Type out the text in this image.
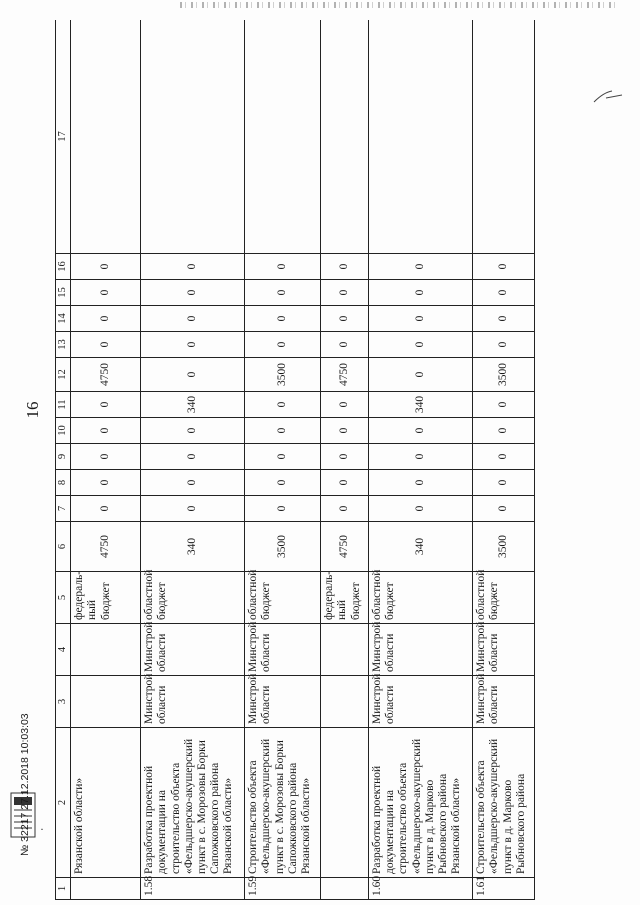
16
1	2	3	4	5	6	7	8	9	10	11	12	13	14	15	16	17
	Рязанской области»			федераль-ный бюджет	4750	0	0	0	0	0	4750	0	0	0	0	
1.58	Разработка проектной документации на строительство объекта «Фельдшерско-акушерский пункт в с. Морозовы Борки Сапожковского района Рязанской области»	Минстрой области	Минстрой области	областной бюджет	340	0	0	0	0	340	0	0	0	0	0	
1.59	Строительство объекта «Фельдшерско-акушерский пункт в с. Морозовы Борки Сапожковского района Рязанской области»	Минстрой области	Минстрой области	областной бюджет	3500	0	0	0	0	0	3500	0	0	0	0	
				федераль-ный бюджет	4750	0	0	0	0	0	4750	0	0	0	0	
1.60	Разработка проектной документации на строительство объекта «Фельдшерско-акушерский пункт в д. Марково Рыбновского района Рязанской области»	Минстрой области	Минстрой области	областной бюджет	340	0	0	0	0	340	0	0	0	0	0	
1.61	Строительство объекта «Фельдшерско-акушерский пункт в д. Марково Рыбновского района	Минстрой области	Минстрой области	областной бюджет	3500	0	0	0	0	0	3500	0	0	0	0	
№ 32217 27.12.2018 10:03:03 ·
